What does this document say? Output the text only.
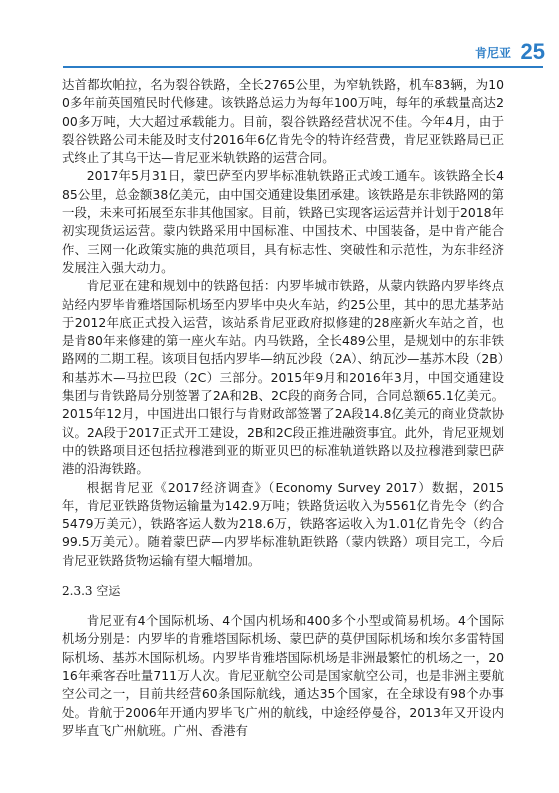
肯尼亚 25

达首都坎帕拉，名为裂谷铁路，全长2765公里，为窄轨铁路，机车83辆，为100多年前英国殖民时代修建。该铁路总运力为每年100万吨，每年的承载量高达200多万吨，大大超过承载能力。目前，裂谷铁路经营状况不佳。今年4月，由于裂谷铁路公司未能及时支付2016年6亿肯先令的特许经营费，肯尼亚铁路局已正式终止了其乌干达—肯尼亚米轨铁路的运营合同。

2017年5月31日，蒙巴萨至内罗毕标准轨铁路正式竣工通车。该铁路全长485公里，总金额38亿美元，由中国交通建设集团承建。该铁路是东非铁路网的第一段，未来可拓展至东非其他国家。目前，铁路已实现客运运营并计划于2018年初实现货运运营。蒙内铁路采用中国标准、中国技术、中国装备，是中肯产能合作、三网一化政策实施的典范项目，具有标志性、突破性和示范性，为东非经济发展注入强大动力。

肯尼亚在建和规划中的铁路包括：内罗毕城市铁路，从蒙内铁路内罗毕终点站经内罗毕肯雅塔国际机场至内罗毕中央火车站，约25公里，其中的思尤基茅站于2012年底正式投入运营，该站系肯尼亚政府拟修建的28座新火车站之首，也是肯80年来修建的第一座火车站。内马铁路，全长489公里，是规划中的东非铁路网的二期工程。该项目包括内罗毕—纳瓦沙段（2A）、纳瓦沙—基苏木段（2B）和基苏木—马拉巴段（2C）三部分。2015年9月和2016年3月，中国交通建设集团与肯铁路局分别签署了2A和2B、2C段的商务合同，合同总额65.1亿美元。2015年12月，中国进出口银行与肯财政部签署了2A段14.8亿美元的商业贷款协议。2A段于2017正式开工建设，2B和2C段正推进融资事宜。此外，肯尼亚规划中的铁路项目还包括拉穆港到亚的斯亚贝巴的标准轨道铁路以及拉穆港到蒙巴萨港的沿海铁路。

根据肯尼亚《2017经济调查》（Economy Survey 2017）数据，2015年，肯尼亚铁路货物运输量为142.9万吨；铁路货运收入为5561亿肯先令（约合5479万美元），铁路客运人数为218.6万，铁路客运收入为1.01亿肯先令（约合99.5万美元）。随着蒙巴萨—内罗毕标准轨距铁路（蒙内铁路）项目完工，今后肯尼亚铁路货物运输有望大幅增加。

2.3.3 空运

肯尼亚有4个国际机场、4个国内机场和400多个小型或简易机场。4个国际机场分别是：内罗毕的肯雅塔国际机场、蒙巴萨的莫伊国际机场和埃尔多雷特国际机场、基苏木国际机场。内罗毕肯雅塔国际机场是非洲最繁忙的机场之一，2016年乘客吞吐量711万人次。肯尼亚航空公司是国家航空公司，也是非洲主要航空公司之一，目前共经营60条国际航线，通达35个国家，在全球设有98个办事处。肯航于2006年开通内罗毕飞广州的航线，中途经停曼谷，2013年又开设内罗毕直飞广州航班。广州、香港有
